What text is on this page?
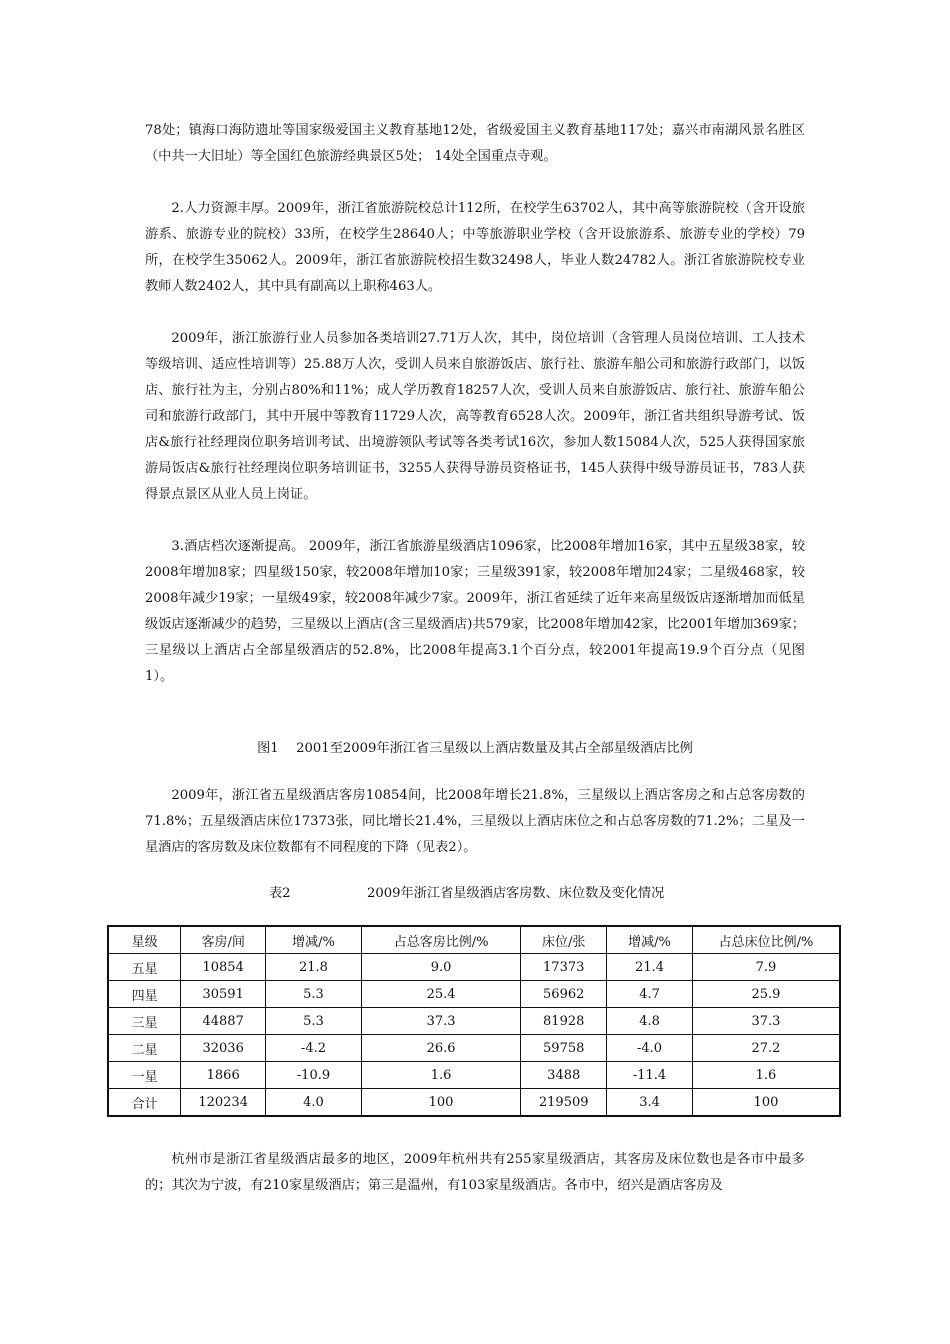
78处；镇海口海防遗址等国家级爱国主义教育基地12处，省级爱国主义教育基地117处；嘉兴市南湖风景名胜区（中共一大旧址）等全国红色旅游经典景区5处； 14处全国重点寺观。

2.人力资源丰厚。2009年，浙江省旅游院校总计112所，在校学生63702人，其中高等旅游院校（含开设旅游系、旅游专业的院校）33所，在校学生28640人；中等旅游职业学校（含开设旅游系、旅游专业的学校）79所，在校学生35062人。2009年，浙江省旅游院校招生数32498人，毕业人数24782人。浙江省旅游院校专业教师人数2402人，其中具有副高以上职称463人。

2009年，浙江旅游行业人员参加各类培训27.71万人次，其中，岗位培训（含管理人员岗位培训、工人技术等级培训、适应性培训等）25.88万人次，受训人员来自旅游饭店、旅行社、旅游车船公司和旅游行政部门，以饭店、旅行社为主，分别占80%和11%；成人学历教育18257人次，受训人员来自旅游饭店、旅行社、旅游车船公司和旅游行政部门，其中开展中等教育11729人次，高等教育6528人次。2009年，浙江省共组织导游考试、饭店&旅行社经理岗位职务培训考试、出境游领队考试等各类考试16次，参加人数15084人次，525人获得国家旅游局饭店&旅行社经理岗位职务培训证书，3255人获得导游员资格证书，145人获得中级导游员证书，783人获得景点景区从业人员上岗证。

3.酒店档次逐渐提高。 2009年，浙江省旅游星级酒店1096家，比2008年增加16家，其中五星级38家，较2008年增加8家；四星级150家，较2008年增加10家；三星级391家，较2008年增加24家；二星级468家，较2008年减少19家；一星级49家，较2008年减少7家。2009年，浙江省延续了近年来高星级饭店逐渐增加而低星级饭店逐渐减少的趋势，三星级以上酒店(含三星级酒店)共579家，比2008年增加42家，比2001年增加369家；三星级以上酒店占全部星级酒店的52.8%，比2008年提高3.1个百分点，较2001年提高19.9个百分点（见图1）。

图1　 2001至2009年浙江省三星级以上酒店数量及其占全部星级酒店比例

2009年，浙江省五星级酒店客房10854间，比2008年增长21.8%，三星级以上酒店客房之和占总客房数的71.8%；五星级酒店床位17373张，同比增长21.4%，三星级以上酒店床位之和占总客房数的71.2%；二星及一星酒店的客房数及床位数都有不同程度的下降（见表2）。

表2	2009年浙江省星级酒店客房数、床位数及变化情况
星级	客房/间	增减/%	占总客房比例/%	床位/张	增减/%	占总床位比例/%
五星	10854	21.8	9.0	17373	21.4	7.9
四星	30591	5.3	25.4	56962	4.7	25.9
三星	44887	5.3	37.3	81928	4.8	37.3
二星	32036	-4.2	26.6	59758	-4.0	27.2
一星	1866	-10.9	1.6	3488	-11.4	1.6
合计	120234	4.0	100	219509	3.4	100

杭州市是浙江省星级酒店最多的地区，2009年杭州共有255家星级酒店，其客房及床位数也是各市中最多的；其次为宁波，有210家星级酒店；第三是温州，有103家星级酒店。各市中，绍兴是酒店客房及
